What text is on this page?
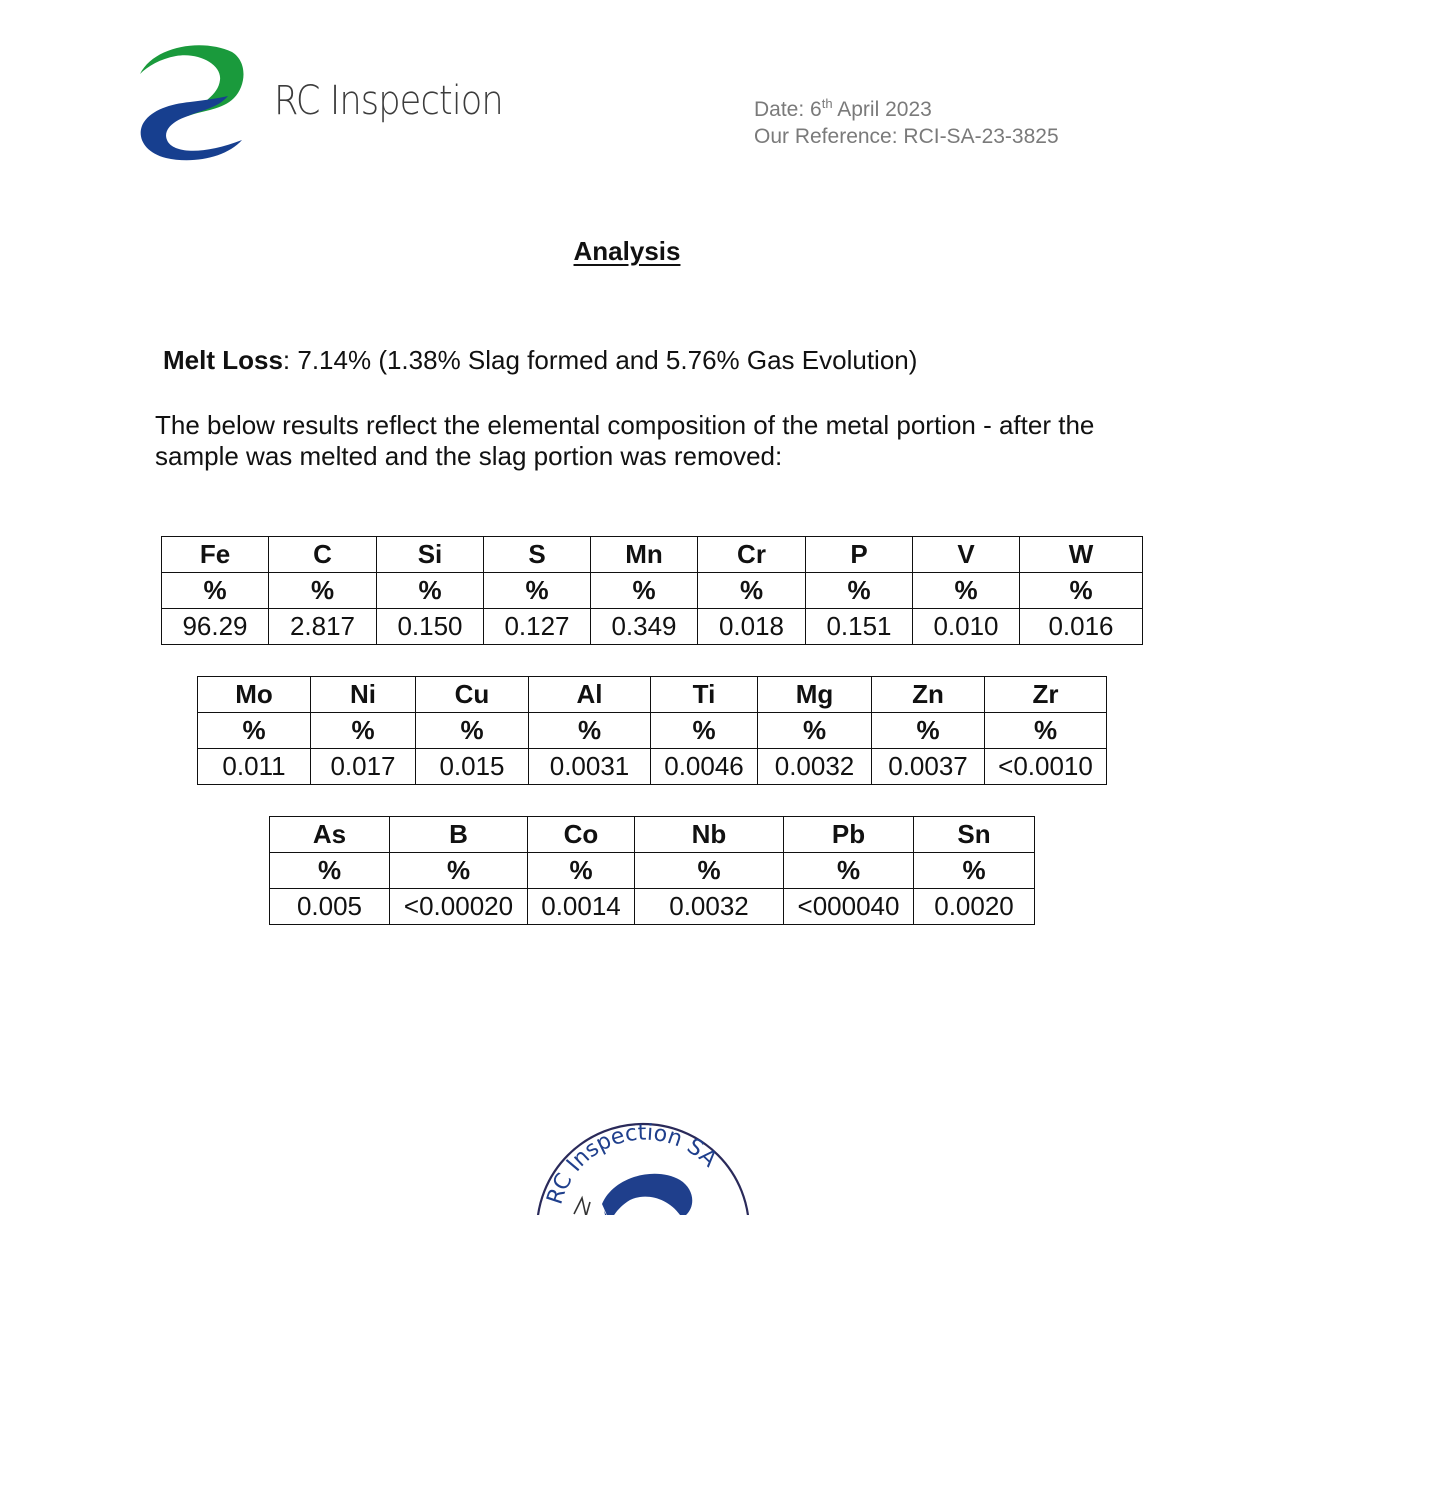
RC Inspection	Date: 6th April 2023
Our Reference: RCI-SA-23-3825
Analysis
Melt Loss: 7.14% (1.38% Slag formed and 5.76% Gas Evolution)
The below results reflect the elemental composition of the metal portion - after the sample was melted and the slag portion was removed:
Fe	C	Si	S	Mn	Cr	P	V	W
%	%	%	%	%	%	%	%	%
96.29	2.817	0.150	0.127	0.349	0.018	0.151	0.010	0.016
Mo	Ni	Cu	Al	Ti	Mg	Zn	Zr
%	%	%	%	%	%	%	%
0.011	0.017	0.015	0.0031	0.0046	0.0032	0.0037	<0.0010
As	B	Co	Nb	Pb	Sn
%	%	%	%	%	%
0.005	<0.00020	0.0014	0.0032	<000040	0.0020
RC Inspection SA
